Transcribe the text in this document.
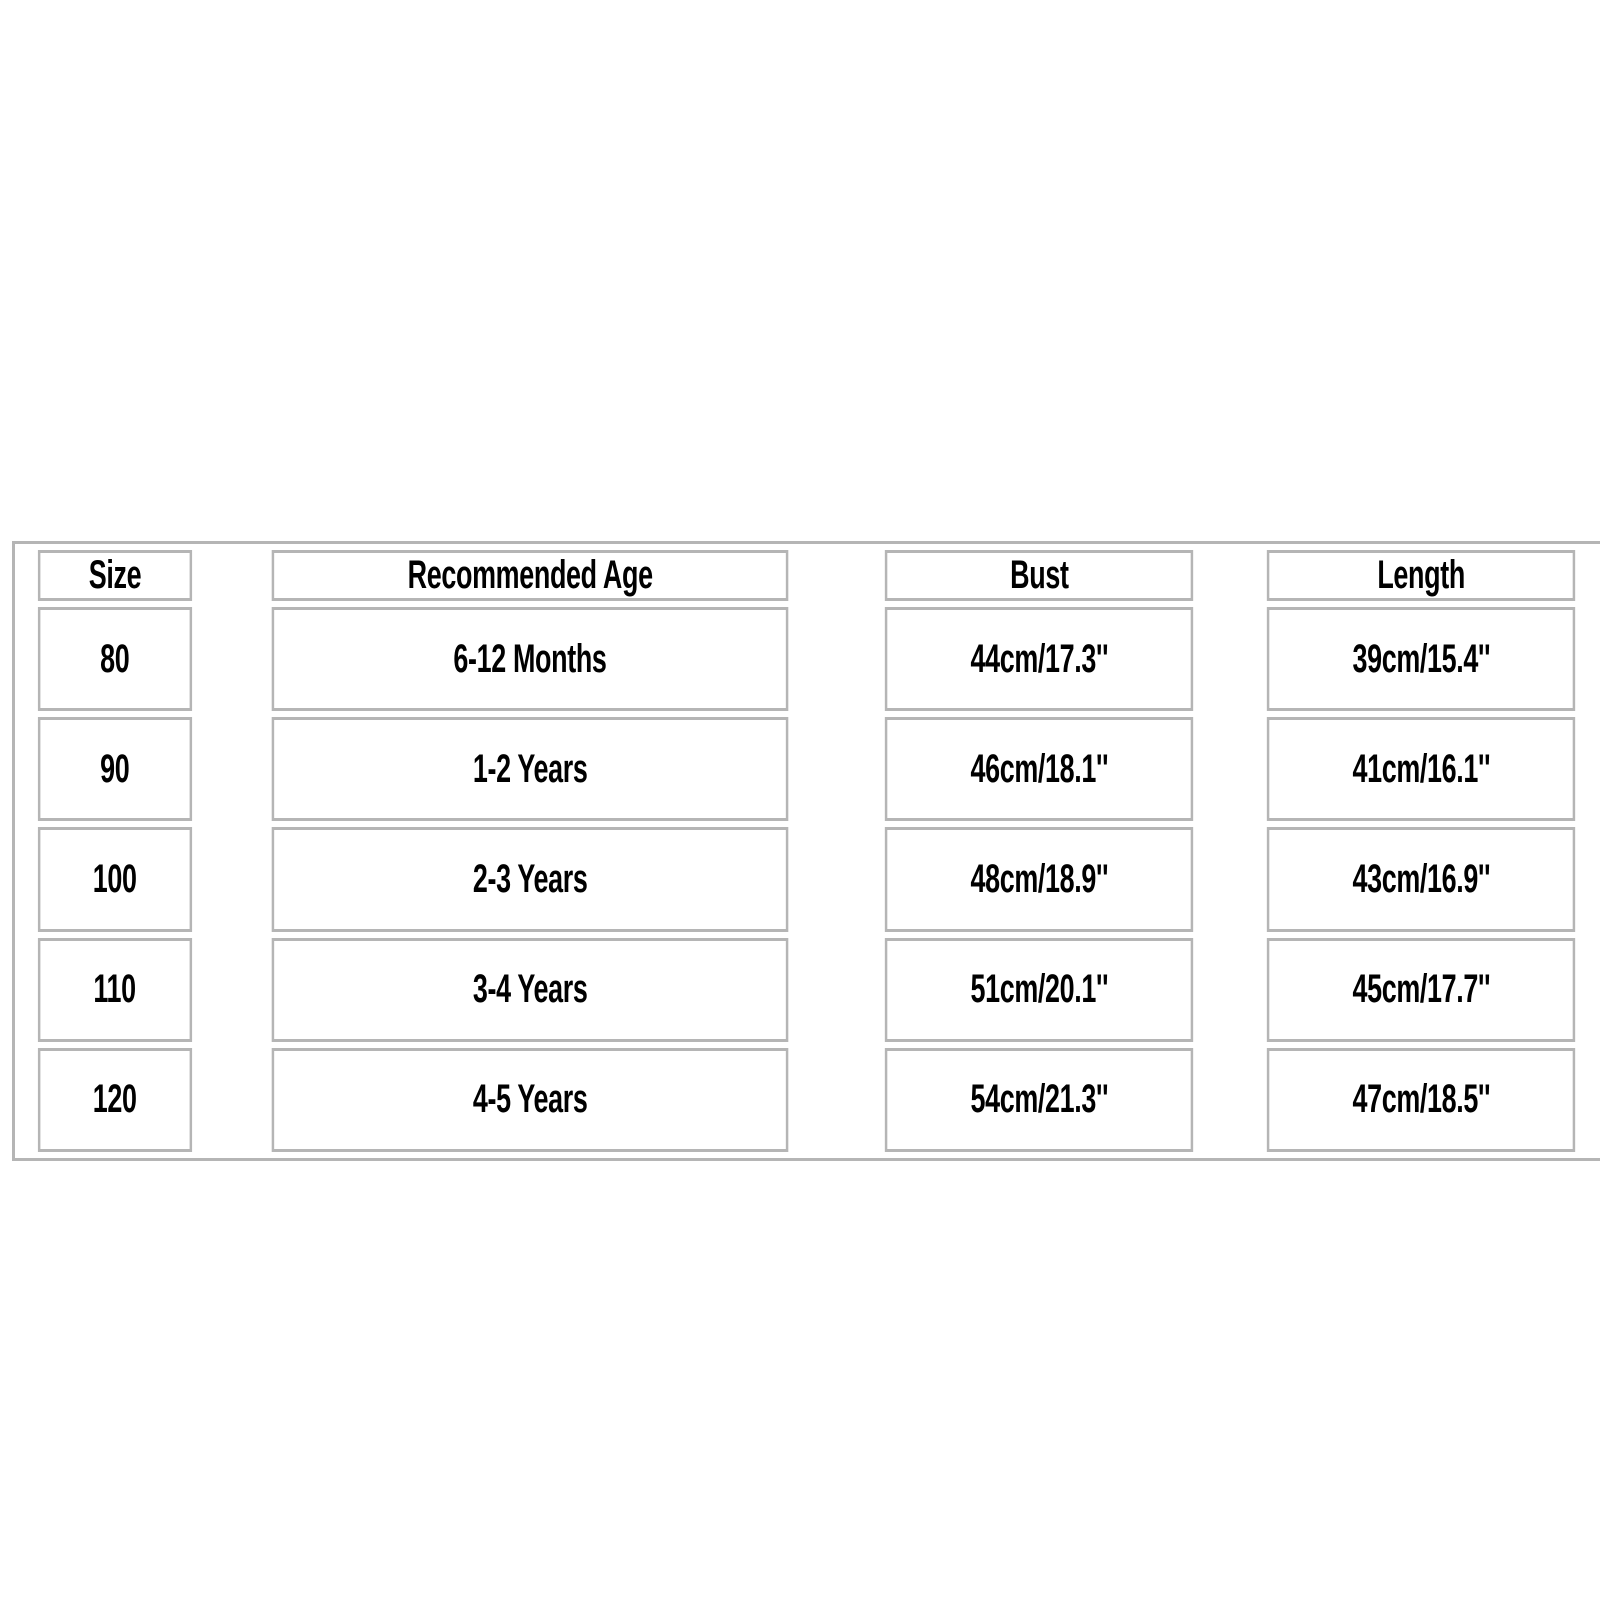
Size	Recommended Age	Bust	Length
80	6-12 Months	44cm/17.3''	39cm/15.4''
90	1-2 Years	46cm/18.1''	41cm/16.1''
100	2-3 Years	48cm/18.9''	43cm/16.9''
110	3-4 Years	51cm/20.1''	45cm/17.7''
120	4-5 Years	54cm/21.3''	47cm/18.5''
